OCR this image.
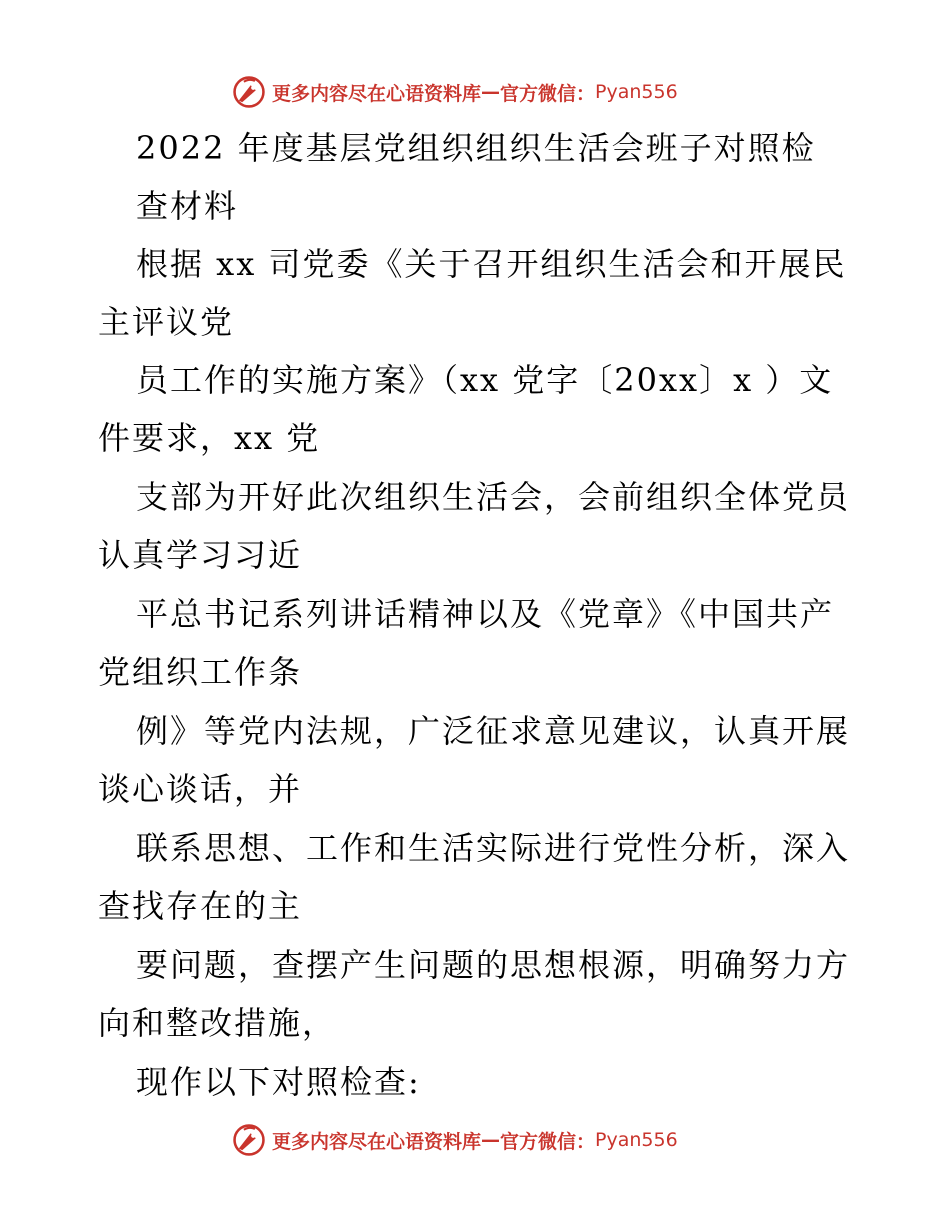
更多内容尽在心语资料库 — 官方微信： Pyan556
2022 年度基层党组织组织生活会班子对照检
查材料
根据 xx 司党委《关于召开组织生活会和开展民
主评议党
员工作的实施方案》（xx 党字〔20xx〕x ）文
件要求，xx 党
支部为开好此次组织生活会，会前组织全体党员
认真学习习近
平总书记系列讲话精神以及《党章》《中国共产
党组织工作条
例》等党内法规，广泛征求意见建议，认真开展
谈心谈话，并
联系思想、工作和生活实际进行党性分析，深入
查找存在的主
要问题，查摆产生问题的思想根源，明确努力方
向和整改措施，
现作以下对照检查:
更多内容尽在心语资料库 — 官方微信： Pyan556
